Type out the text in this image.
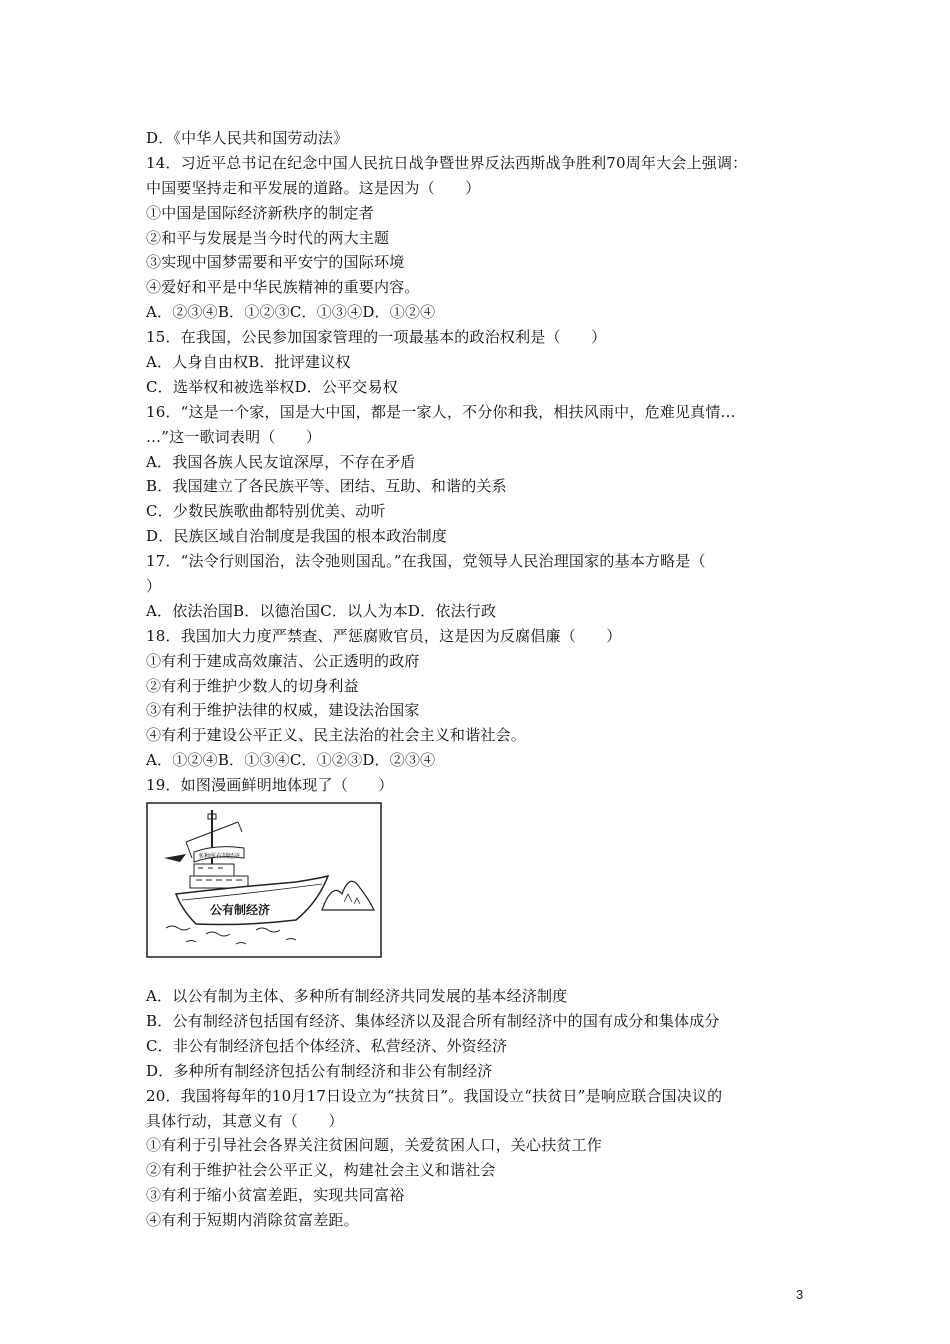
D．《中华人民共和国劳动法》
14．习近平总书记在纪念中国人民抗日战争暨世界反法西斯战争胜利70周年大会上强调：
中国要坚持走和平发展的道路。这是因为（　　）
①中国是国际经济新秩序的制定者
②和平与发展是当今时代的两大主题
③实现中国梦需要和平安宁的国际环境
④爱好和平是中华民族精神的重要内容。
A．②③④B．①②③C．①③④D．①②④
15．在我国，公民参加国家管理的一项最基本的政治权利是（　　）
A．人身自由权B．批评建议权
C．选举权和被选举权D．公平交易权
16．“这是一个家，国是大中国，都是一家人，不分你和我，相扶风雨中，危难见真情…
…”这一歌词表明（　　）
A．我国各族人民友谊深厚，不存在矛盾
B．我国建立了各民族平等、团结、互助、和谐的关系
C．少数民族歌曲都特别优美、动听
D．民族区域自治制度是我国的根本政治制度
17．“法令行则国治，法令弛则国乱。”在我国，党领导人民治理国家的基本方略是（
）
A．依法治国B．以德治国C．以人为本D．依法行政
18．我国加大力度严禁查、严惩腐败官员，这是因为反腐倡廉（　　）
①有利于建成高效廉洁、公正透明的政府
②有利于维护少数人的切身利益
③有利于维护法律的权威，建设法治国家
④有利于建设公平正义、民主法治的社会主义和谐社会。
A．①②④B．①③④C．①②③D．②③④
19．如图漫画鲜明地体现了（　　）
多种所有制经济
公有制经济
A．以公有制为主体、多种所有制经济共同发展的基本经济制度
B．公有制经济包括国有经济、集体经济以及混合所有制经济中的国有成分和集体成分
C．非公有制经济包括个体经济、私营经济、外资经济
D．多种所有制经济包括公有制经济和非公有制经济
20．我国将每年的10月17日设立为“扶贫日”。我国设立“扶贫日”是响应联合国决议的
具体行动，其意义有（　　）
①有利于引导社会各界关注贫困问题，关爱贫困人口，关心扶贫工作
②有利于维护社会公平正义，构建社会主义和谐社会
③有利于缩小贫富差距，实现共同富裕
④有利于短期内消除贫富差距。
3
